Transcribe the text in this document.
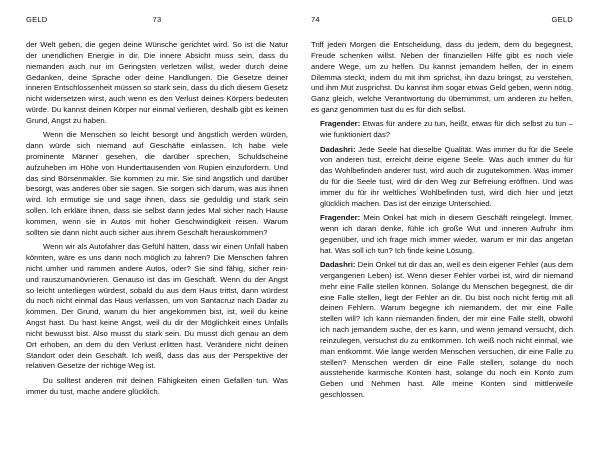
GELD	73

der Welt geben, die gegen deine Wünsche gerichtet wird. So ist die Natur der unendlichen Energie in dir. Die innere Absicht muss sein, dass du niemanden auch nur im Geringsten verletzen willst, weder durch deine Gedanken, deine Sprache oder deine Handlungen. Die Gesetze deiner inneren Entschlossenheit müssen so stark sein, dass du dich diesem Gesetz nicht widersetzen wirst, auch wenn es den Verlust deines Körpers bedeuten würde. Du kannst deinen Körper nur einmal verlieren, deshalb gibt es keinen Grund, Angst zu haben.

Wenn die Menschen so leicht besorgt und ängstlich werden würden, dann würde sich niemand auf Geschäfte einlassen. Ich habe viele prominente Männer gesehen, die darüber sprechen, Schuldscheine aufzuheben im Höhe von Hunderttausenden von Rupien einzufordern. Und das sind Börsenmakler. Sie kommen zu mir. Sie sind ängstlich und darüber besorgt, was anderes über sie sagen. Sie sorgen sich darum, was aus ihnen wird. Ich ermutige sie und sage ihnen, dass sie geduldig und stark sein sollen. Ich erkläre ihnen, dass sie selbst dann jedes Mal sicher nach Hause kommen, wenn sie in Autos mit hoher Geschwindigkeit reisen. Warum sollten sie dann nicht auch sicher aus ihrem Geschäft herauskommen?

Wenn wir als Autofahrer das Gefühl hätten, dass wir einen Unfall haben könnten, wäre es uns dann noch möglich zu fahren? Die Menschen fahren nicht umher und rammen andere Autos, oder? Sie sind fähig, sicher rein- und rauszumanövrieren. Genauso ist das im Geschäft. Wenn du der Angst so leicht unterliegen würdest, sobald du aus dem Haus trittst, dann würdest du noch nicht einmal das Haus verlassen, um von Santacruz nach Dadar zu kommen. Der Grund, warum du hier angekommen bist, ist, weil du keine Angst hast. Du hast keine Angst, weil du dir der Möglichkeit eines Unfalls nicht bewusst bist. Also musst du stark sein. Du musst dich genau an dem Ort erhoben, an dem du den Verlust erlitten hast. Verändere nicht deinen Standort oder dein Geschäft. Ich weiß, dass das aus der Perspektive der relativen Gesetze der richtige Weg ist.

Du solltest anderen mit deinen Fähigkeiten einen Gefallen tun. Was immer du tust, mache andere glücklich.

74	GELD

Triff jeden Morgen die Entscheidung, dass du jedem, dem du begegnest, Freude schenken willst. Neben der finanziellen Hilfe gibt es noch viele andere Wege, um zu helfen. Du kannst jemandem helfen, der in einem Dilemma steckt, indem du mit ihm sprichst, ihn dazu bringst, zu verstehen, und ihm Mut zusprichst. Du kannst ihm sogar etwas Geld geben, wenn nötig. Ganz gleich, welche Verantwortung du übernimmst, um anderen zu helfen, es ganz genommen tust du es für dich selbst.

Fragender: Etwas für andere zu tun, heißt, etwas für dich selbst zu tun – wie funktioniert das?

Dadashri: Jede Seele hat dieselbe Qualität. Was immer du für die Seele von anderen tust, erreicht deine eigene Seele. Was auch immer du für das Wohlbefinden anderer tust, wird auch dir zugutekommen. Was immer du für die Seele tust, wird dir den Weg zur Befreiung eröffnen. Und was immer du für ihr weltliches Wohlbefinden tust, wird dich hier und jetzt glücklich machen. Das ist der einzige Unterschied.

Fragender: Mein Onkel hat mich in diesem Geschäft reingelegt. Immer, wenn ich daran denke, fühle ich große Wut und inneren Aufruhr ihm gegenüber, und ich frage mich immer wieder, warum er mir das angetan hat. Was soll ich tun? Ich finde keine Lösung.

Dadashri: Dein Onkel tut dir das an, weil es dein eigener Fehler (aus dem vergangenen Leben) ist. Wenn dieser Fehler vorbei ist, wird dir niemand mehr eine Falle stellen können. Solange du Menschen begegnest, die dir eine Falle stellen, liegt der Fehler an dir. Du bist noch nicht fertig mit all deinen Fehlern. Warum begegne ich niemandem, der mir eine Falle stellen will? Ich kann niemanden finden, der mir eine Falle stellt, obwohl ich nach jemandem suche, der es kann, und wenn jemand versucht, dich reinzulegen, versuchst du zu entkommen. Ich weiß noch nicht einmal, wie man entkommt. Wie lange werden Menschen versuchen, dir eine Falle zu stellen? Menschen werden dir eine Falle stellen, solange du noch ausstehende karmische Konten hast, solange du noch ein Konto zum Geben und Nehmen hast. Alle meine Konten sind mittlerweile geschlossen.
